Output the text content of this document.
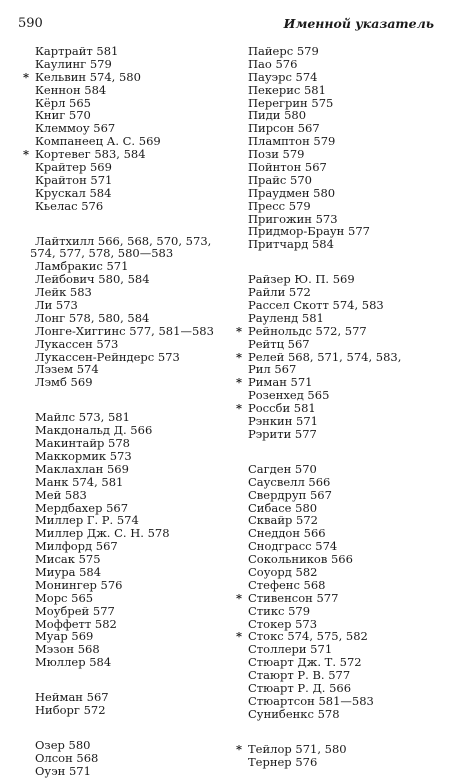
590	Именной указатель
Картрайт 581
Каулинг 579
* Кельвин 574, 580
Кеннон 584
Кёрл 565
Книг 570
Клеммоу 567
Компанеец А. С. 569
* Кортевег 583, 584
Крайтер 569
Крайтон 571
Крускал 584
Кьелас 576
Лайтхилл 566, 568, 570, 573,
574, 577, 578, 580—583
Ламбракис 571
Лейбович 580, 584
Лейк 583
Ли 573
Лонг 578, 580, 584
Лонге-Хиггинс 577, 581—583
Лукассен 573
Лукассен-Рейндерс 573
Лэзем 574
Лэмб 569
Майлс 573, 581
Макдональд Д. 566
Макинтайр 578
Маккормик 573
Маклахлан 569
Манк 574, 581
Мей 583
Мердбахер 567
Миллер Г. Р. 574
Миллер Дж. С. Н. 578
Милфорд 567
Мисак 575
Миура 584
Монингер 576
Морс 565
Моубрей 577
Моффетт 582
Муар 569
Мэзон 568
Мюллер 584
Нейман 567
Ниборг 572
Озер 580
Олсон 568
Оуэн 571
Пайерс 579
Пао 576
Пауэрс 574
Пекерис 581
Перегрин 575
Пиди 580
Пирсон 567
Пламптон 579
Пози 579
Пойнтон 567
Прайс 570
Праудмен 580
Пресс 579
Пригожин 573
Придмор-Браун 577
Притчард 584
Райзер Ю. П. 569
Райли 572
Рассел Скотт 574, 583
Рауленд 581
* Рейнольдс 572, 577
Рейтц 567
* Релей 568, 571, 574, 583,
Рил 567
* Риман 571
Розенхед 565
* Россби 581
Рэнкин 571
Рэрити 577
Сагден 570
Саусвелл 566
Свердруп 567
Сибасе 580
Сквайр 572
Снеддон 566
Снодграсс 574
Сокольников 566
Соуорд 582
Стефенс 568
* Стивенсон 577
Стикс 579
Стокер 573
* Стокс 574, 575, 582
Столлери 571
Стюарт Дж. Т. 572
Стаюрт Р. В. 577
Стюарт Р. Д. 566
Стюартсон 581—583
Сунибенкс 578
* Тейлор 571, 580
Тернер 576
